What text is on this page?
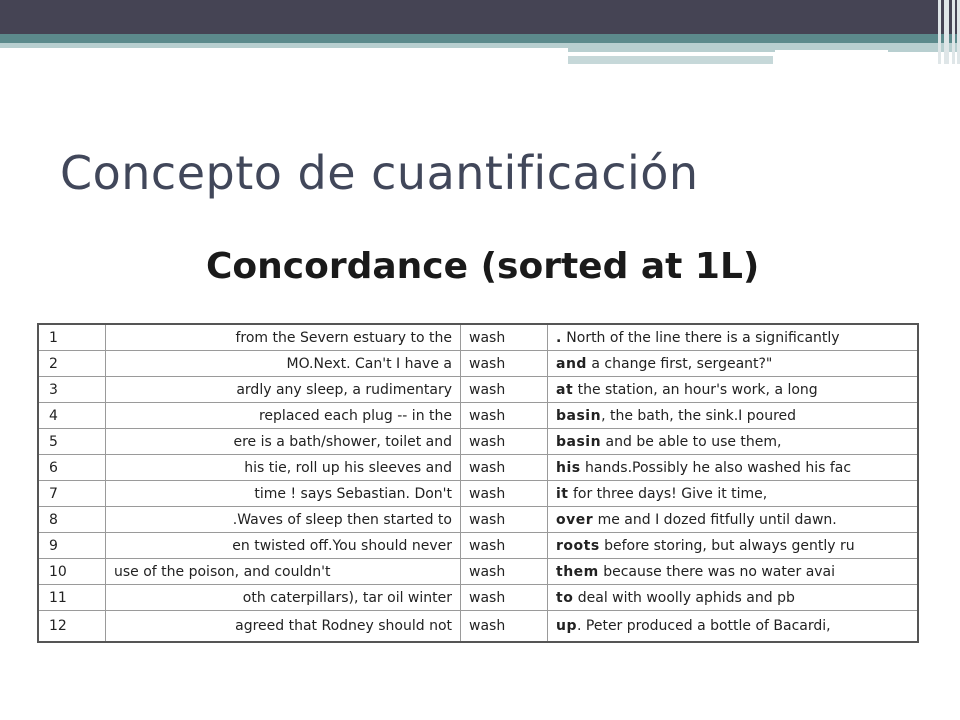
Concepto de cuantificación
Concordance (sorted at 1L)
1	from the Severn estuary to the	wash	. North of the line there is a significantly
2	MO.Next. Can't I have a	wash	and a change first, sergeant?"
3	ardly any sleep, a rudimentary	wash	at the station, an hour's work, a long
4	replaced each plug -- in the	wash	basin, the bath, the sink.I poured
5	ere is a bath/shower, toilet and	wash	basin and be able to use them,
6	his tie, roll up his sleeves and	wash	his hands.Possibly he also washed his fac
7	time ! says Sebastian. Don't	wash	it for three days! Give it time,
8	.Waves of sleep then started to	wash	over me and I dozed fitfully until dawn.
9	en twisted off.You should never	wash	roots before storing, but always gently ru
10	use of the poison, and couldn't	wash	them because there was no water avai
11	oth caterpillars), tar oil winter	wash	to deal with woolly aphids and pb
12	agreed that Rodney should not	wash	up. Peter produced a bottle of Bacardi,
